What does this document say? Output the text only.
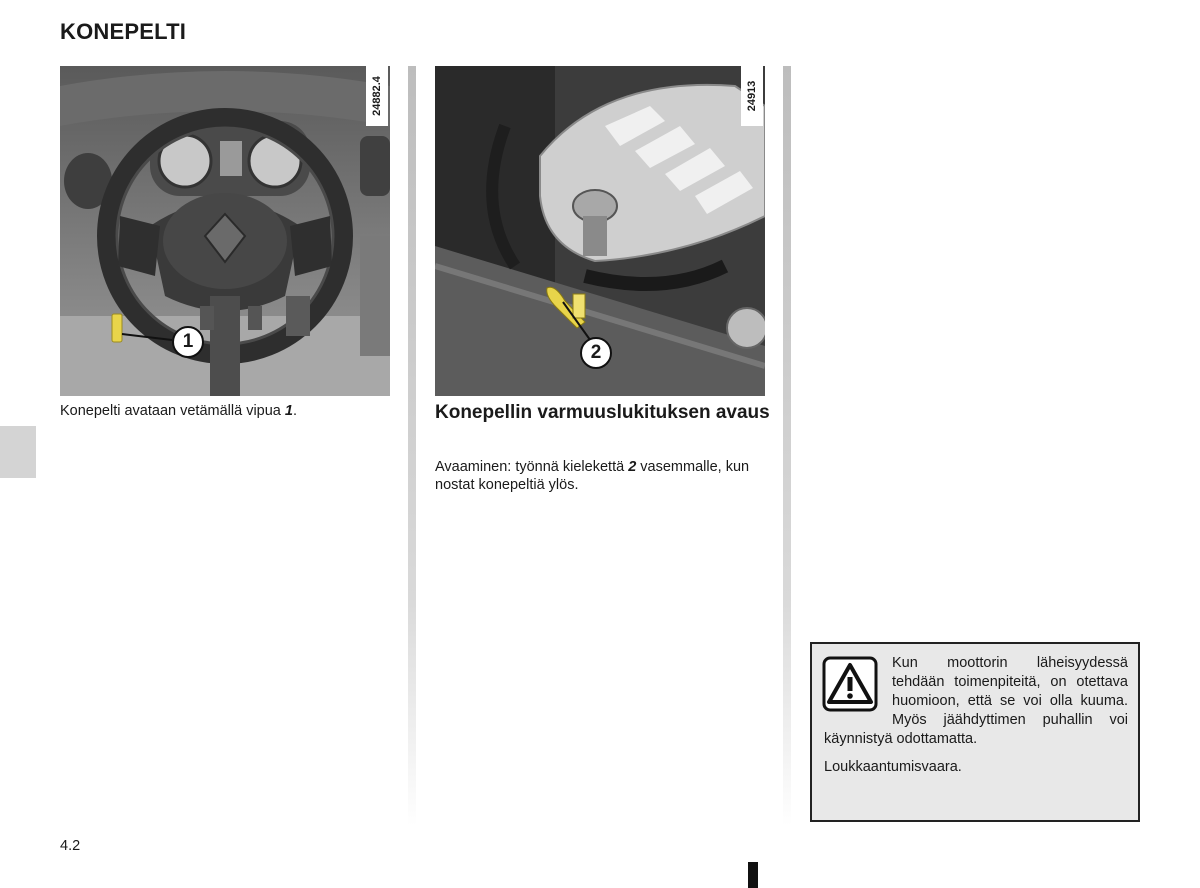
KONEPELTI
24882.4
1
24913
2
Konepelti avataan vetämällä vipua 1.	Konepellin varmuuslukituksen avaus
Avaaminen: työnnä kielekettä 2 vasemmalle, kun nostat konepeltiä ylös.

Kun moottorin läheisyydessä tehdään toimenpiteitä, on otettava huomioon, että se voi olla kuuma. Myös jäähdyttimen puhallin voi käynnistyä odottamatta.

Loukkaantumisvaara.

4.2
